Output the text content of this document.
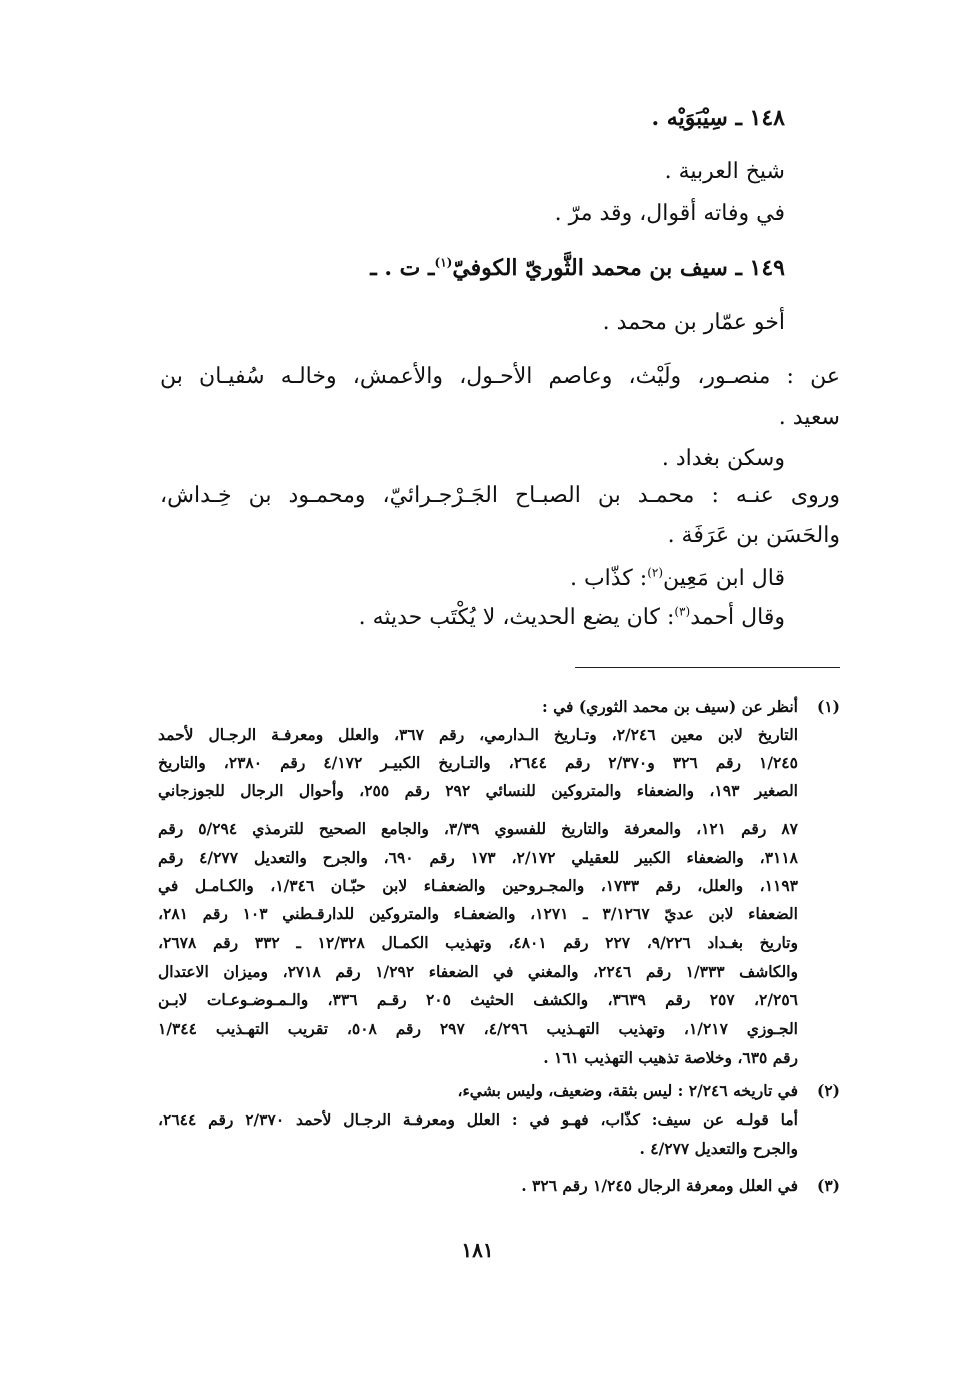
١٤٨ ـ سِيْبَوَيْه .
شيخ العربية .
في وفاته أقوال، وقد مرّ .
١٤٩ ـ سيف بن محمد الثَّوريّ الكوفيّ$^{(١)}$ـ ت . ـ
أخو عمّار بن محمد .
عن : منصـور، ولَيْث، وعاصم الأحـول، والأعمش، وخالـه سُفيـان بن
سعيد .
وسكن بغداد .
وروى عنـه : محمـد بن الصبـاح الجَـرْجـرائيّ، ومحمـود بن خِـداش،
والحَسَن بن عَرَفَة .
قال ابن مَعِين$^{(٢)}$: كذّاب .
وقال أحمد$^{(٣)}$: كان يضع الحديث، لا يُكْتَب حديثه .
(١)
أنظر عن (سيف بن محمد الثوري) في :
التاريخ لابن معين ٢/٢٤٦، وتـاريخ الـدارمي، رقم ٣٦٧، والعلل ومعرفـة الرجـال لأحمد
١/٢٤٥ رقم ٣٢٦ و٢/٣٧٠ رقم ٢٦٤٤، والتـاريخ الكبيـر ٤/١٧٢ رقم ٢٣٨٠، والتاريخ
الصغير ١٩٣، والضعفاء والمتروكين للنسائي ٢٩٢ رقم ٢٥٥، وأحوال الرجال للجوزجاني
٨٧ رقم ١٢١، والمعرفة والتاريخ للفسوي ٣/٣٩، والجامع الصحيح للترمذي ٥/٢٩٤ رقم
٣١١٨، والضعفاء الكبير للعقيلي ٢/١٧٢، ١٧٣ رقم ٦٩٠، والجرح والتعديل ٤/٢٧٧ رقم
١١٩٣، والعلل، رقم ١٧٣٣، والمجـروحين والضعفـاء لابن حبّـان ١/٣٤٦، والكـامـل في
الضعفاء لابن عديّ ٣/١٢٦٧ ـ ١٢٧١، والضعفـاء والمتروكين للدارقـطني ١٠٣ رقم ٢٨١،
وتاريخ بغـداد ٩/٢٢٦، ٢٢٧ رقم ٤٨٠١، وتهذيب الكمـال ١٢/٣٢٨ ـ ٣٣٢ رقم ٢٦٧٨،
والكاشف ١/٣٣٣ رقم ٢٢٤٦، والمغني في الضعفاء ١/٢٩٢ رقم ٢٧١٨، وميزان الاعتدال
٢/٢٥٦، ٢٥٧ رقم ٣٦٣٩، والكشف الحثيث ٢٠٥ رقـم ٣٣٦، والـمـوضـوعـات لابـن
الجـوزي ١/٢١٧، وتهذيب التهـذيب ٤/٢٩٦، ٢٩٧ رقم ٥٠٨، تقريب التهـذيب ١/٣٤٤
رقم ٦٣٥، وخلاصة تذهيب التهذيب ١٦١ .
(٢)
في تاريخه ٢/٢٤٦ : ليس بثقة، وضعيف، وليس بشيء،
أما قولـه عن سيف: كذّاب، فهـو في : العلل ومعرفـة الرجـال لأحمد ٢/٣٧٠ رقم ٢٦٤٤،
والجرح والتعديل ٤/٢٧٧ .
(٣)
في العلل ومعرفة الرجال ١/٢٤٥ رقم ٣٢٦ .
١٨١
